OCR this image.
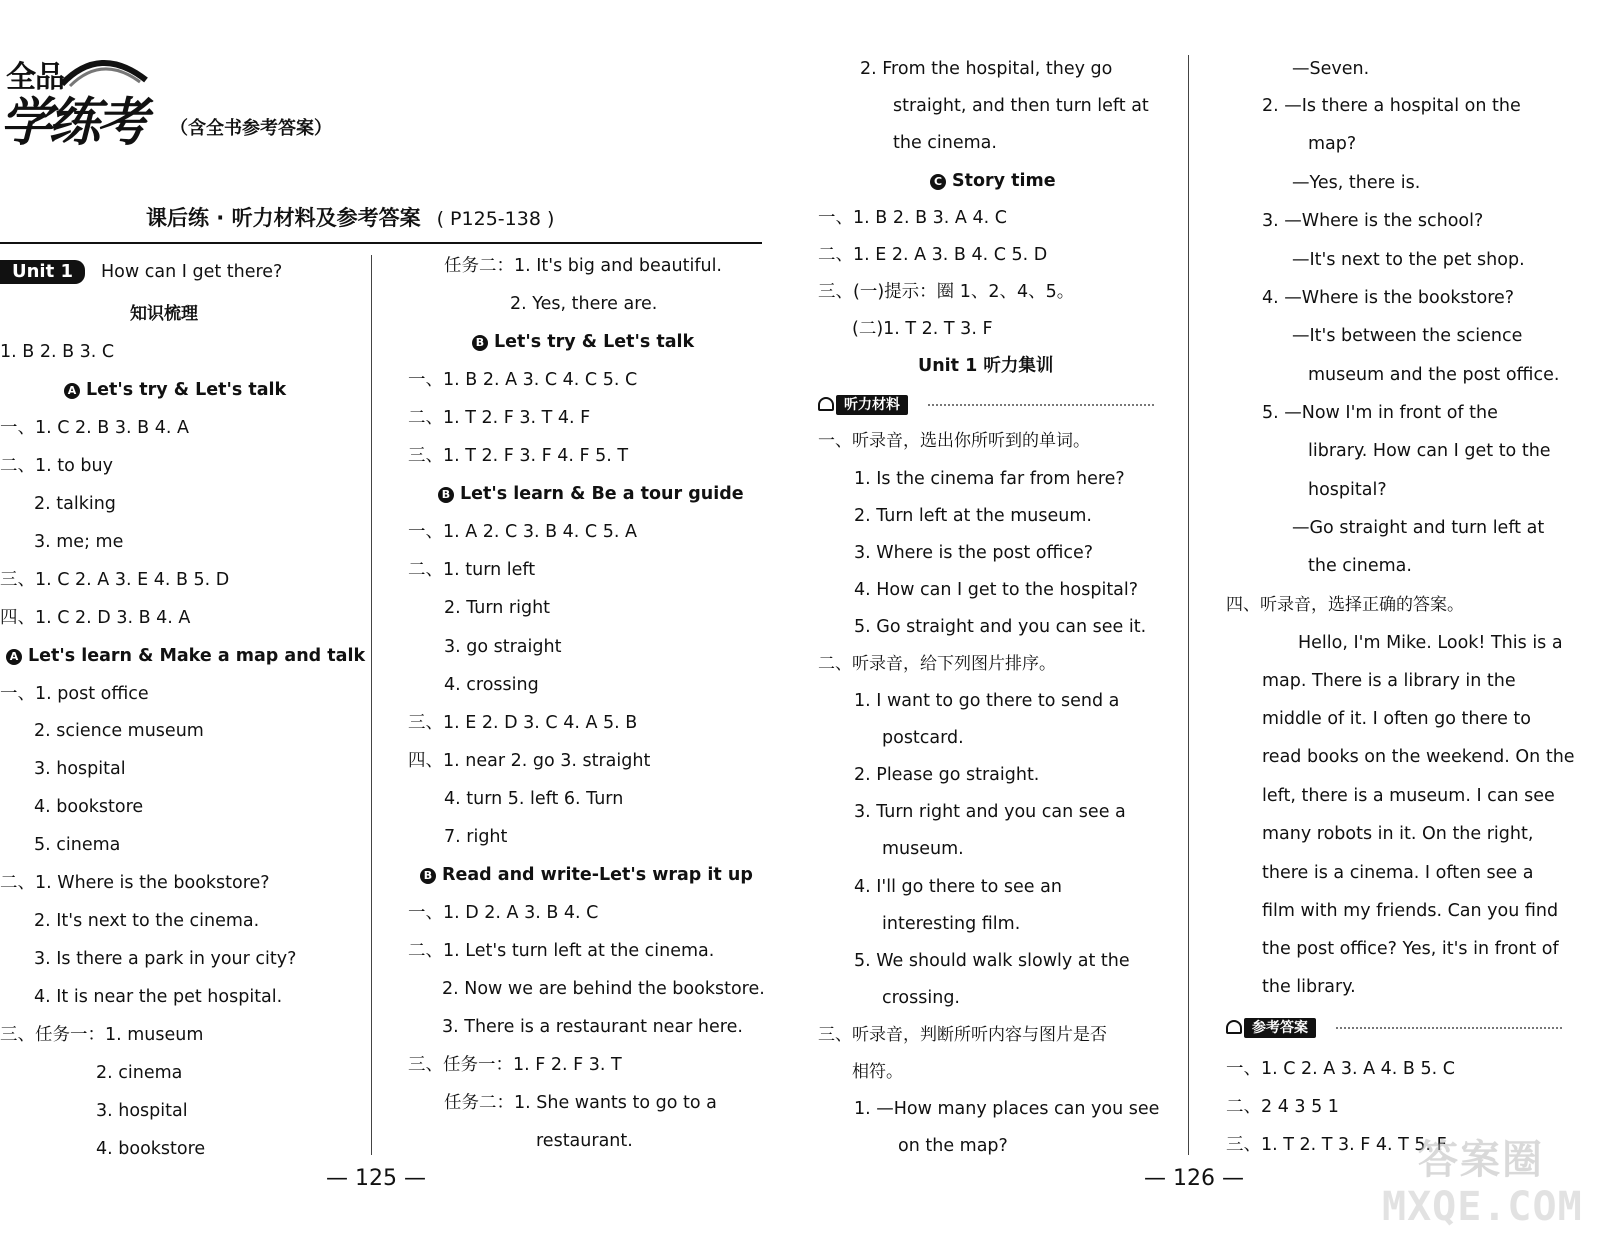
全品
学练考 （含全书参考答案）
课后练 · 听力材料及参考答案 ( P125-138 )
Unit 1 How can I get there?
听力材料
参考答案
知识梳理
1. B 2. B 3. C
A Let's try & Let's talk
一、1. C 2. B 3. B 4. A
二、1. to buy
2. talking
3. me; me
三、1. C 2. A 3. E 4. B 5. D
四、1. C 2. D 3. B 4. A
A Let's learn & Make a map and talk
一、1. post office
2. science museum
3. hospital
4. bookstore
5. cinema
二、1. Where is the bookstore?
2. It's next to the cinema.
3. Is there a park in your city?
4. It is near the pet hospital.
三、任务一：1. museum
2. cinema
3. hospital
4. bookstore
任务二：1. It's big and beautiful.
2. Yes, there are.
B Let's try & Let's talk
一、1. B 2. A 3. C 4. C 5. C
二、1. T 2. F 3. T 4. F
三、1. T 2. F 3. F 4. F 5. T
B Let's learn & Be a tour guide
一、1. A 2. C 3. B 4. C 5. A
二、1. turn left
2. Turn right
3. go straight
4. crossing
三、1. E 2. D 3. C 4. A 5. B
四、1. near 2. go 3. straight
4. turn 5. left 6. Turn
7. right
B Read and write-Let's wrap it up
一、1. D 2. A 3. B 4. C
二、1. Let's turn left at the cinema.
2. Now we are behind the bookstore.
3. There is a restaurant near here.
三、任务一：1. F 2. F 3. T
任务二：1. She wants to go to a
restaurant.
2. From the hospital, they go
straight, and then turn left at
the cinema.
C Story time
一、1. B 2. B 3. A 4. C
二、1. E 2. A 3. B 4. C 5. D
三、(一)提示：圈 1、2、4、5。
(二)1. T 2. T 3. F
Unit 1 听力集训
一、听录音，选出你所听到的单词。
1. Is the cinema far from here?
2. Turn left at the museum.
3. Where is the post office?
4. How can I get to the hospital?
5. Go straight and you can see it.
二、听录音，给下列图片排序。
1. I want to go there to send a
postcard.
2. Please go straight.
3. Turn right and you can see a
museum.
4. I'll go there to see an
interesting film.
5. We should walk slowly at the
crossing.
三、听录音，判断所听内容与图片是否
相符。
1. —How many places can you see
on the map?
—Seven.
2. —Is there a hospital on the
map?
—Yes, there is.
3. —Where is the school?
—It's next to the pet shop.
4. —Where is the bookstore?
—It's between the science
museum and the post office.
5. —Now I'm in front of the
library. How can I get to the
hospital?
—Go straight and turn left at
the cinema.
四、听录音，选择正确的答案。
Hello, I'm Mike. Look! This is a
map. There is a library in the
middle of it. I often go there to
read books on the weekend. On the
left, there is a museum. I can see
many robots in it. On the right,
there is a cinema. I often see a
film with my friends. Can you find
the post office? Yes, it's in front of
the library.
一、1. C 2. A 3. A 4. B 5. C
二、2 4 3 5 1
三、1. T 2. T 3. F 4. T 5. F
— 125 —	— 126 —	答案圈
MXQE.COM
